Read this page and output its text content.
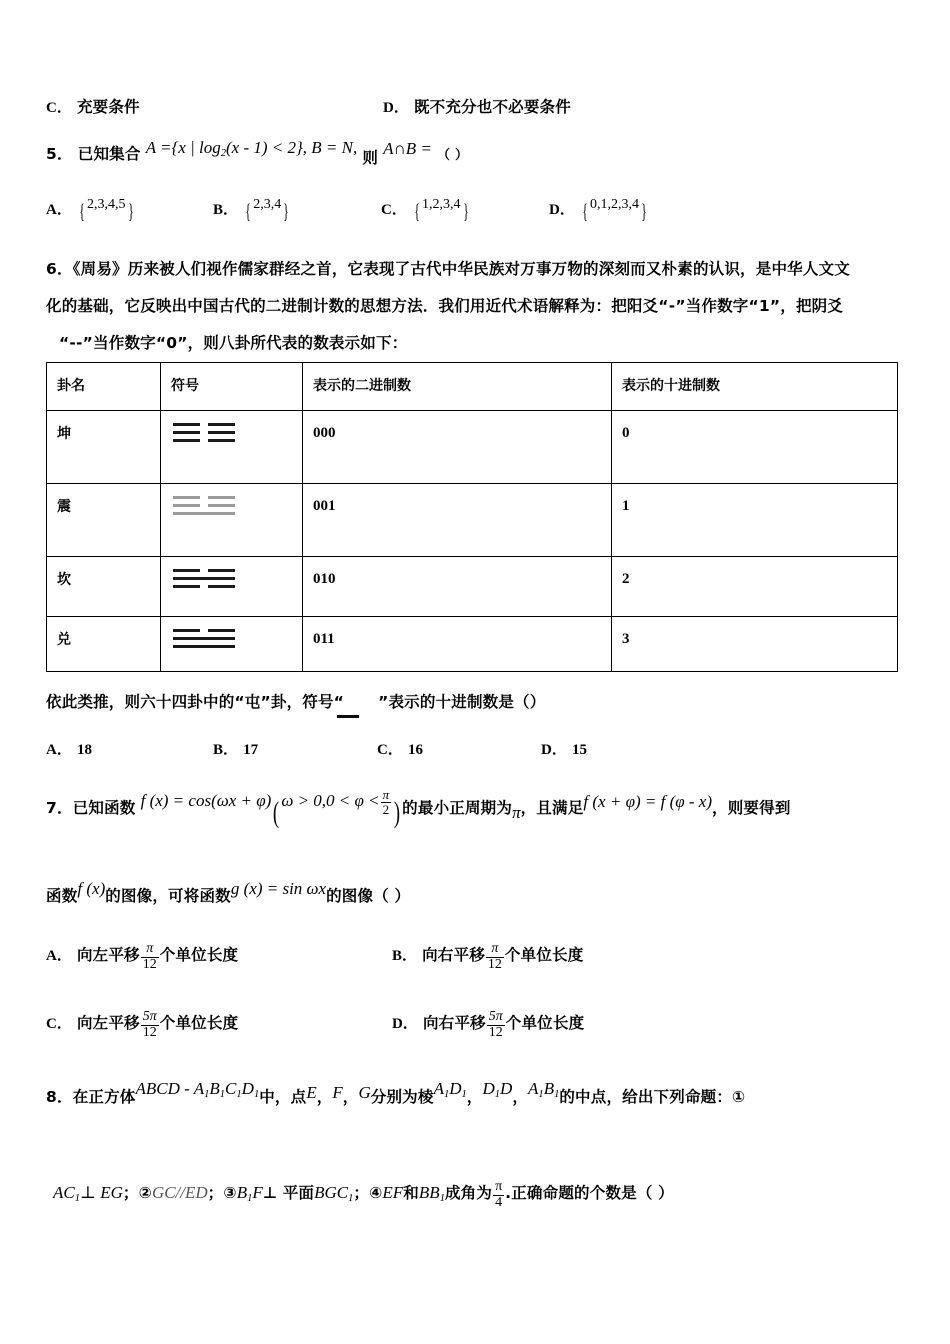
C． 充要条件	D． 既不充分也不必要条件
5． 已知集合 A ={x | $\log_2(x - 1) < 2$}, B = N, 则 A∩B = （ ）
A． { 2,3,4,5 }	B． { 2,3,4 }	C． { 1,2,3,4 }	D． { 0,1,2,3,4 }
6．《周易》历来被人们视作儒家群经之首，它表现了古代中华民族对万事万物的深刻而又朴素的认识，是中华人文文
化的基础，它反映出中国古代的二进制计数的思想方法．我们用近代术语解释为：把阳爻“-”当作数字“1”，把阴爻
“--”当作数字“0”，则八卦所代表的数表示如下：
卦名	符号	表示的二进制数	表示的十进制数

坤		000	0

震		001	1

坎		010	2

兑		011	3
依此类推，则六十四卦中的“屯”卦，符号“ ”表示的十进制数是（）
A． 18	B． 17	C． 16	D． 15
7．已知函数 f (x) = cos(ωx + φ)( $\omega > 0,0 < \varphi < \frac{\pi}{2}$ ) 的最小正周期为π，且满足f (x + φ) = f (φ - x)，则要得到
函数f (x)的图像，可将函数g (x) = sin ωx的图像（ ）
A． 向左平移 $\frac{\pi}{12}$ 个单位长度	B． 向右平移 $\frac{\pi}{12}$ 个单位长度
C． 向左平移 $\frac{5\pi}{12}$ 个单位长度	D． 向右平移 $\frac{5\pi}{12}$ 个单位长度
8．在正方体ABCD - $A_1B_1C_1D_1$中，点E，F，G分别为棱$A_1D_1$，$D_1D$，$A_1B_1$的中点，给出下列命题：①
$AC_1\perp$ EG；②GC//ED；$③B_1F\perp$ 平面$BGC_1$；④EF和$BB_1$成角为 $\frac{\pi}{4}$ .正确命题的个数是（ ）
